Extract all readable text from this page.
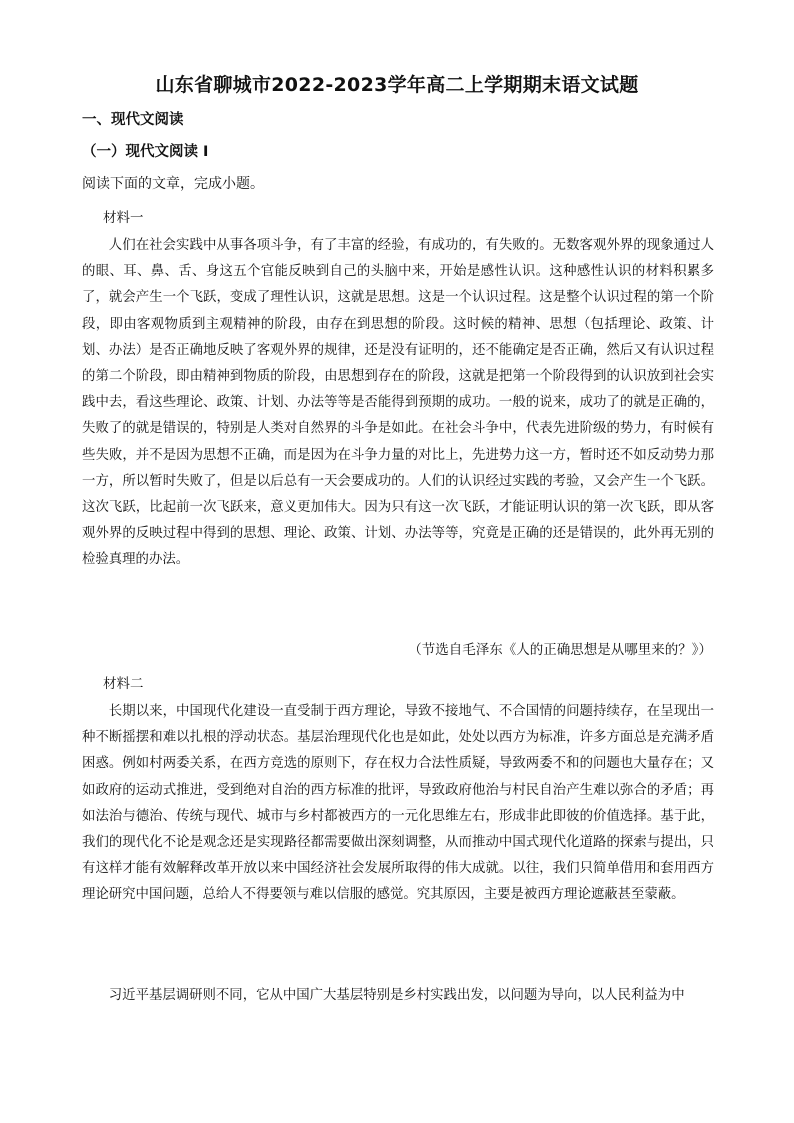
山东省聊城市2022-2023学年高二上学期期末语文试题

一、现代文阅读

（一）现代文阅读 I

阅读下面的文章，完成小题。

材料一

人们在社会实践中从事各项斗争，有了丰富的经验，有成功的，有失败的。无数客观外界的现象通过人的眼、耳、鼻、舌、身这五个官能反映到自己的头脑中来，开始是感性认识。这种感性认识的材料积累多了，就会产生一个飞跃，变成了理性认识，这就是思想。这是一个认识过程。这是整个认识过程的第一个阶段，即由客观物质到主观精神的阶段，由存在到思想的阶段。这时候的精神、思想（包括理论、政策、计划、办法）是否正确地反映了客观外界的规律，还是没有证明的，还不能确定是否正确，然后又有认识过程的第二个阶段，即由精神到物质的阶段，由思想到存在的阶段，这就是把第一个阶段得到的认识放到社会实践中去，看这些理论、政策、计划、办法等等是否能得到预期的成功。一般的说来，成功了的就是正确的，失败了的就是错误的，特别是人类对自然界的斗争是如此。在社会斗争中，代表先进阶级的势力，有时候有些失败，并不是因为思想不正确，而是因为在斗争力量的对比上，先进势力这一方，暂时还不如反动势力那一方，所以暂时失败了，但是以后总有一天会要成功的。人们的认识经过实践的考验，又会产生一个飞跃。这次飞跃，比起前一次飞跃来，意义更加伟大。因为只有这一次飞跃，才能证明认识的第一次飞跃，即从客观外界的反映过程中得到的思想、理论、政策、计划、办法等等，究竟是正确的还是错误的，此外再无别的检验真理的办法。

（节选自毛泽东《人的正确思想是从哪里来的？》）

材料二

长期以来，中国现代化建设一直受制于西方理论，导致不接地气、不合国情的问题持续存，在呈现出一种不断摇摆和难以扎根的浮动状态。基层治理现代化也是如此，处处以西方为标准，许多方面总是充满矛盾困惑。例如村两委关系，在西方竞选的原则下，存在权力合法性质疑，导致两委不和的问题也大量存在；又如政府的运动式推进，受到绝对自治的西方标准的批评，导致政府他治与村民自治产生难以弥合的矛盾；再如法治与德治、传统与现代、城市与乡村都被西方的一元化思维左右，形成非此即彼的价值选择。基于此，我们的现代化不论是观念还是实现路径都需要做出深刻调整，从而推动中国式现代化道路的探索与提出，只有这样才能有效解释改革开放以来中国经济社会发展所取得的伟大成就。以往，我们只简单借用和套用西方理论研究中国问题，总给人不得要领与难以信服的感觉。究其原因，主要是被西方理论遮蔽甚至蒙蔽。

习近平基层调研则不同，它从中国广大基层特别是乡村实践出发，以问题为导向，以人民利益为中
